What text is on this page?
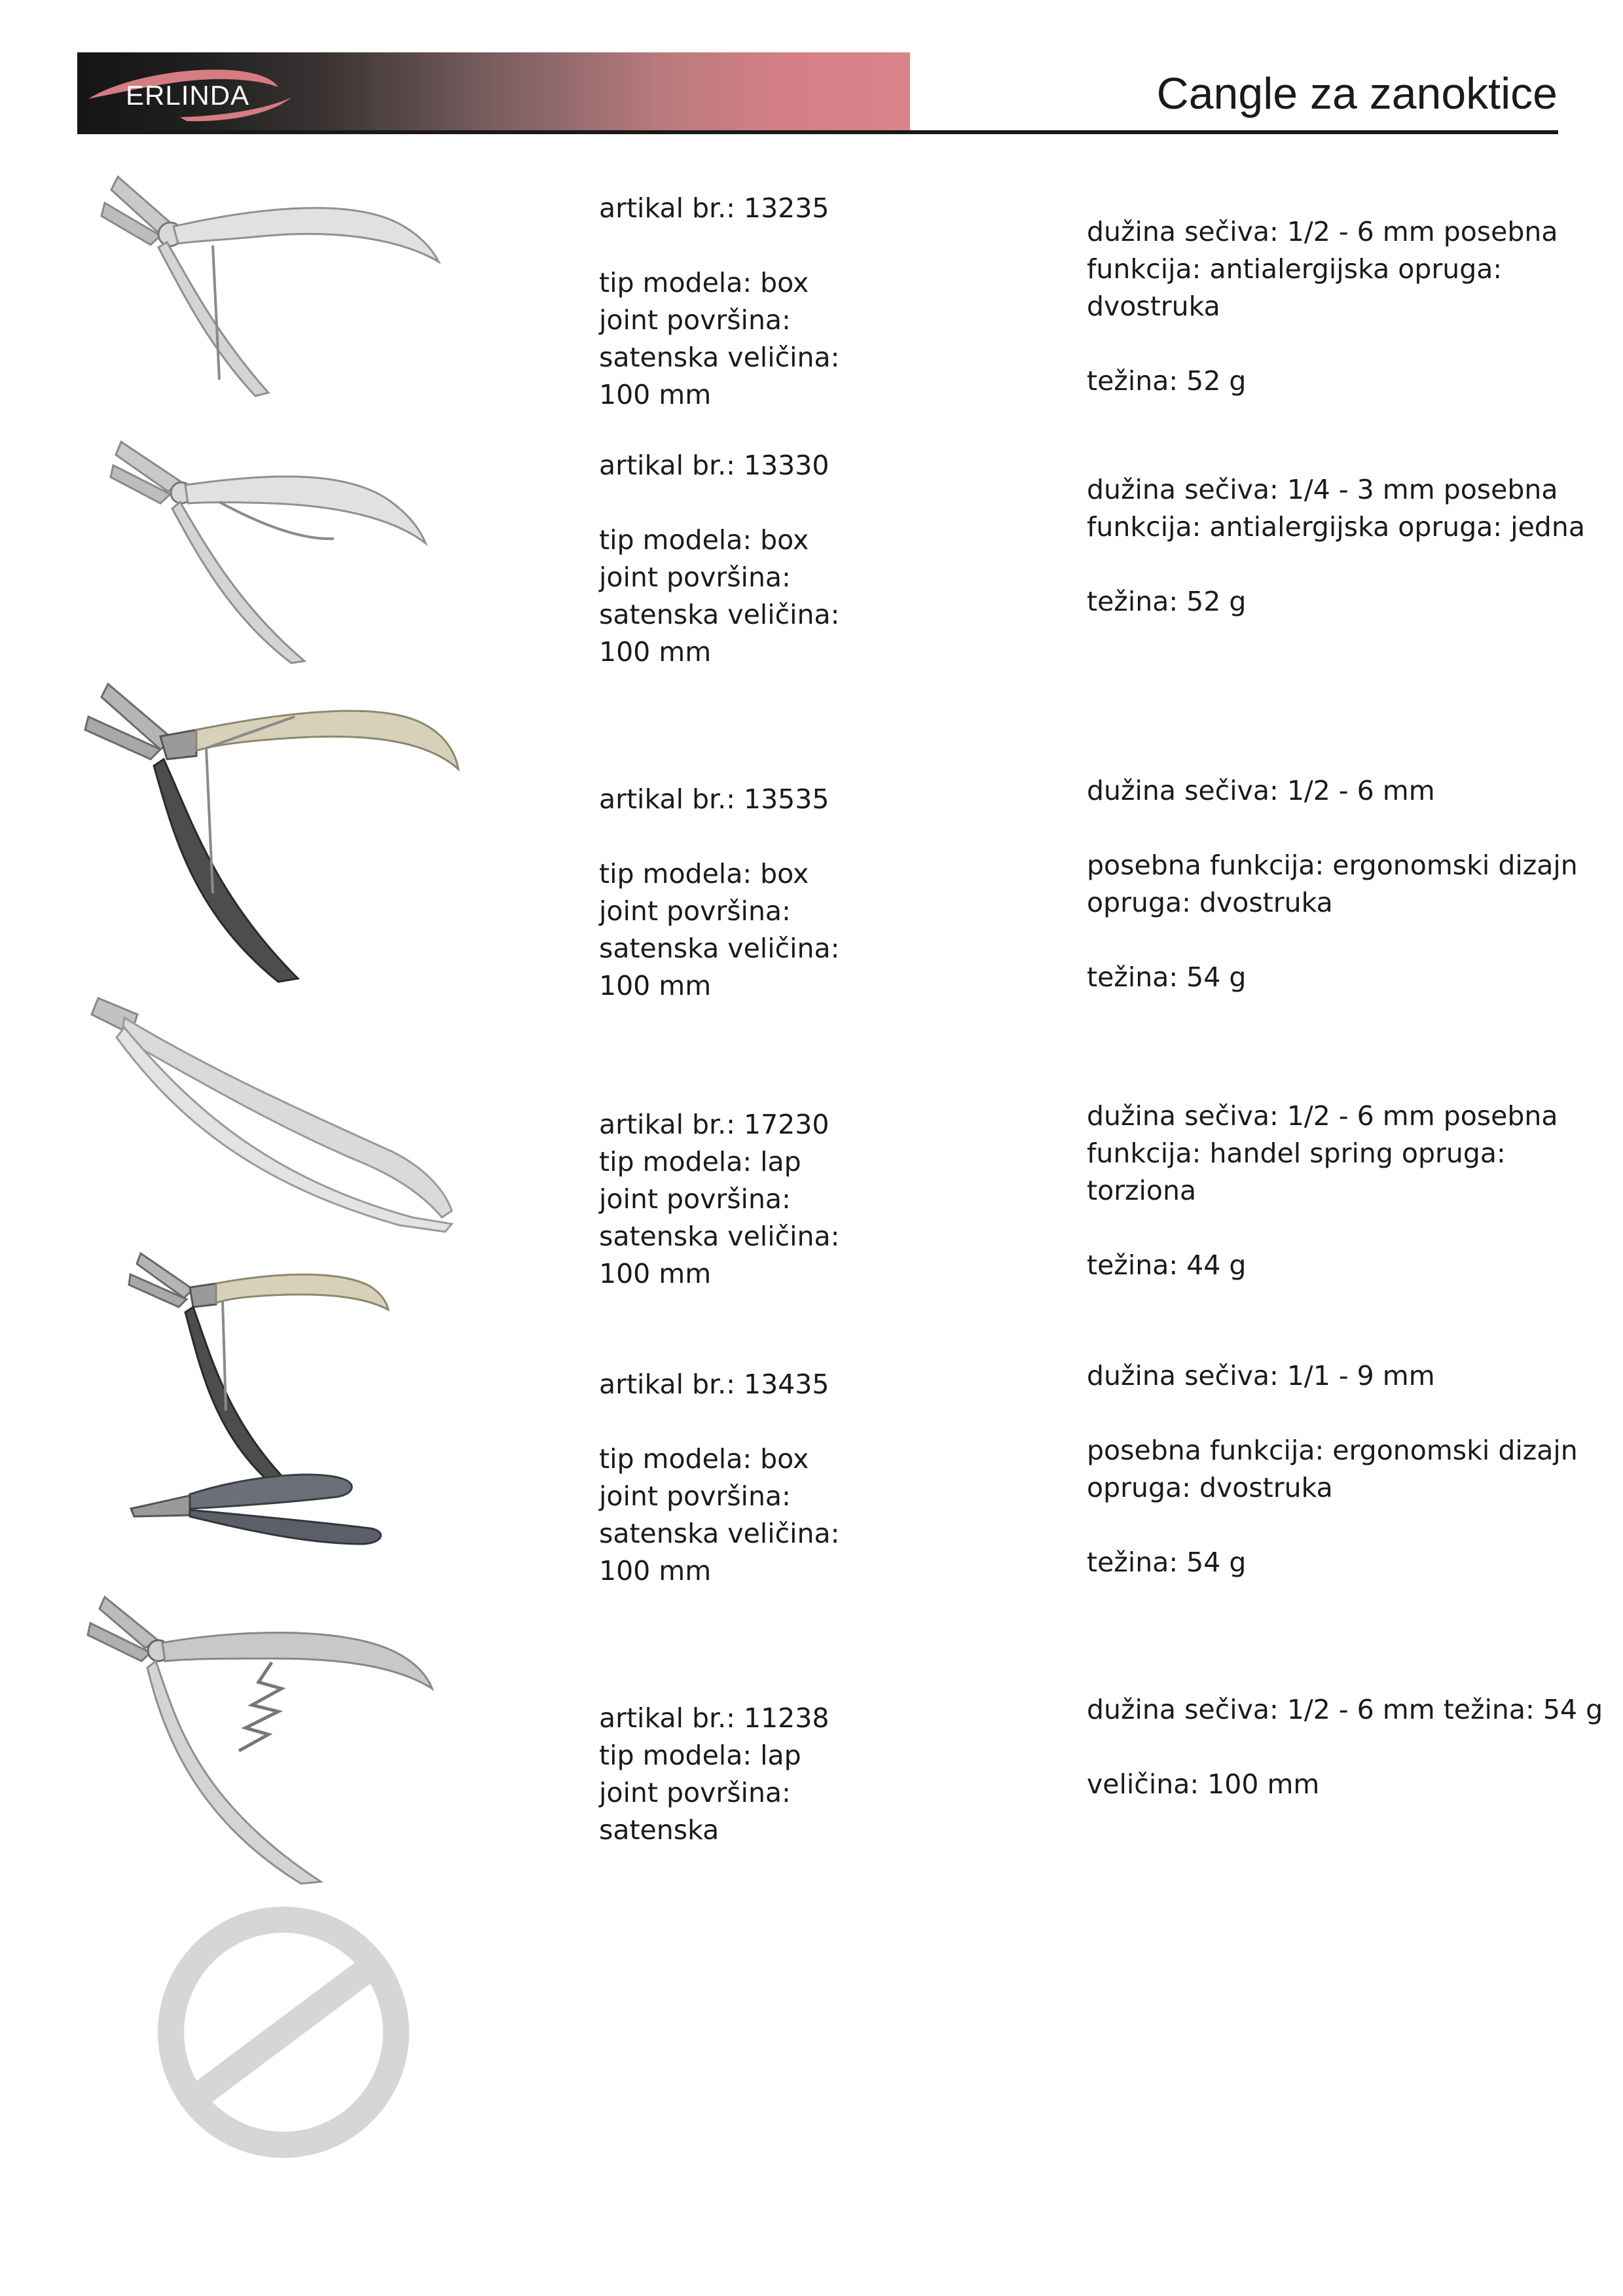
ERLINDA	Cangle za zanoktice
artikal br.: 13235
tip modela: box
joint površina:
satenska veličina:
100 mm
dužina sečiva: 1/2 - 6 mm posebna
funkcija: antialergijska opruga:
dvostruka
težina: 52 g
artikal br.: 13330
tip modela: box
joint površina:
satenska veličina:
100 mm
dužina sečiva: 1/4 - 3 mm posebna
funkcija: antialergijska opruga: jedna
težina: 52 g
artikal br.: 13535
tip modela: box
joint površina:
satenska veličina:
100 mm
dužina sečiva: 1/2 - 6 mm
posebna funkcija: ergonomski dizajn
opruga: dvostruka
težina: 54 g
artikal br.: 17230
tip modela: lap
joint površina:
satenska veličina:
100 mm
dužina sečiva: 1/2 - 6 mm posebna
funkcija: handel spring opruga:
torziona
težina: 44 g
artikal br.: 13435
tip modela: box
joint površina:
satenska veličina:
100 mm
dužina sečiva: 1/1 - 9 mm
posebna funkcija: ergonomski dizajn
opruga: dvostruka
težina: 54 g
artikal br.: 11238
tip modela: lap
joint površina:
satenska
dužina sečiva: 1/2 - 6 mm težina: 54 g
veličina: 100 mm
